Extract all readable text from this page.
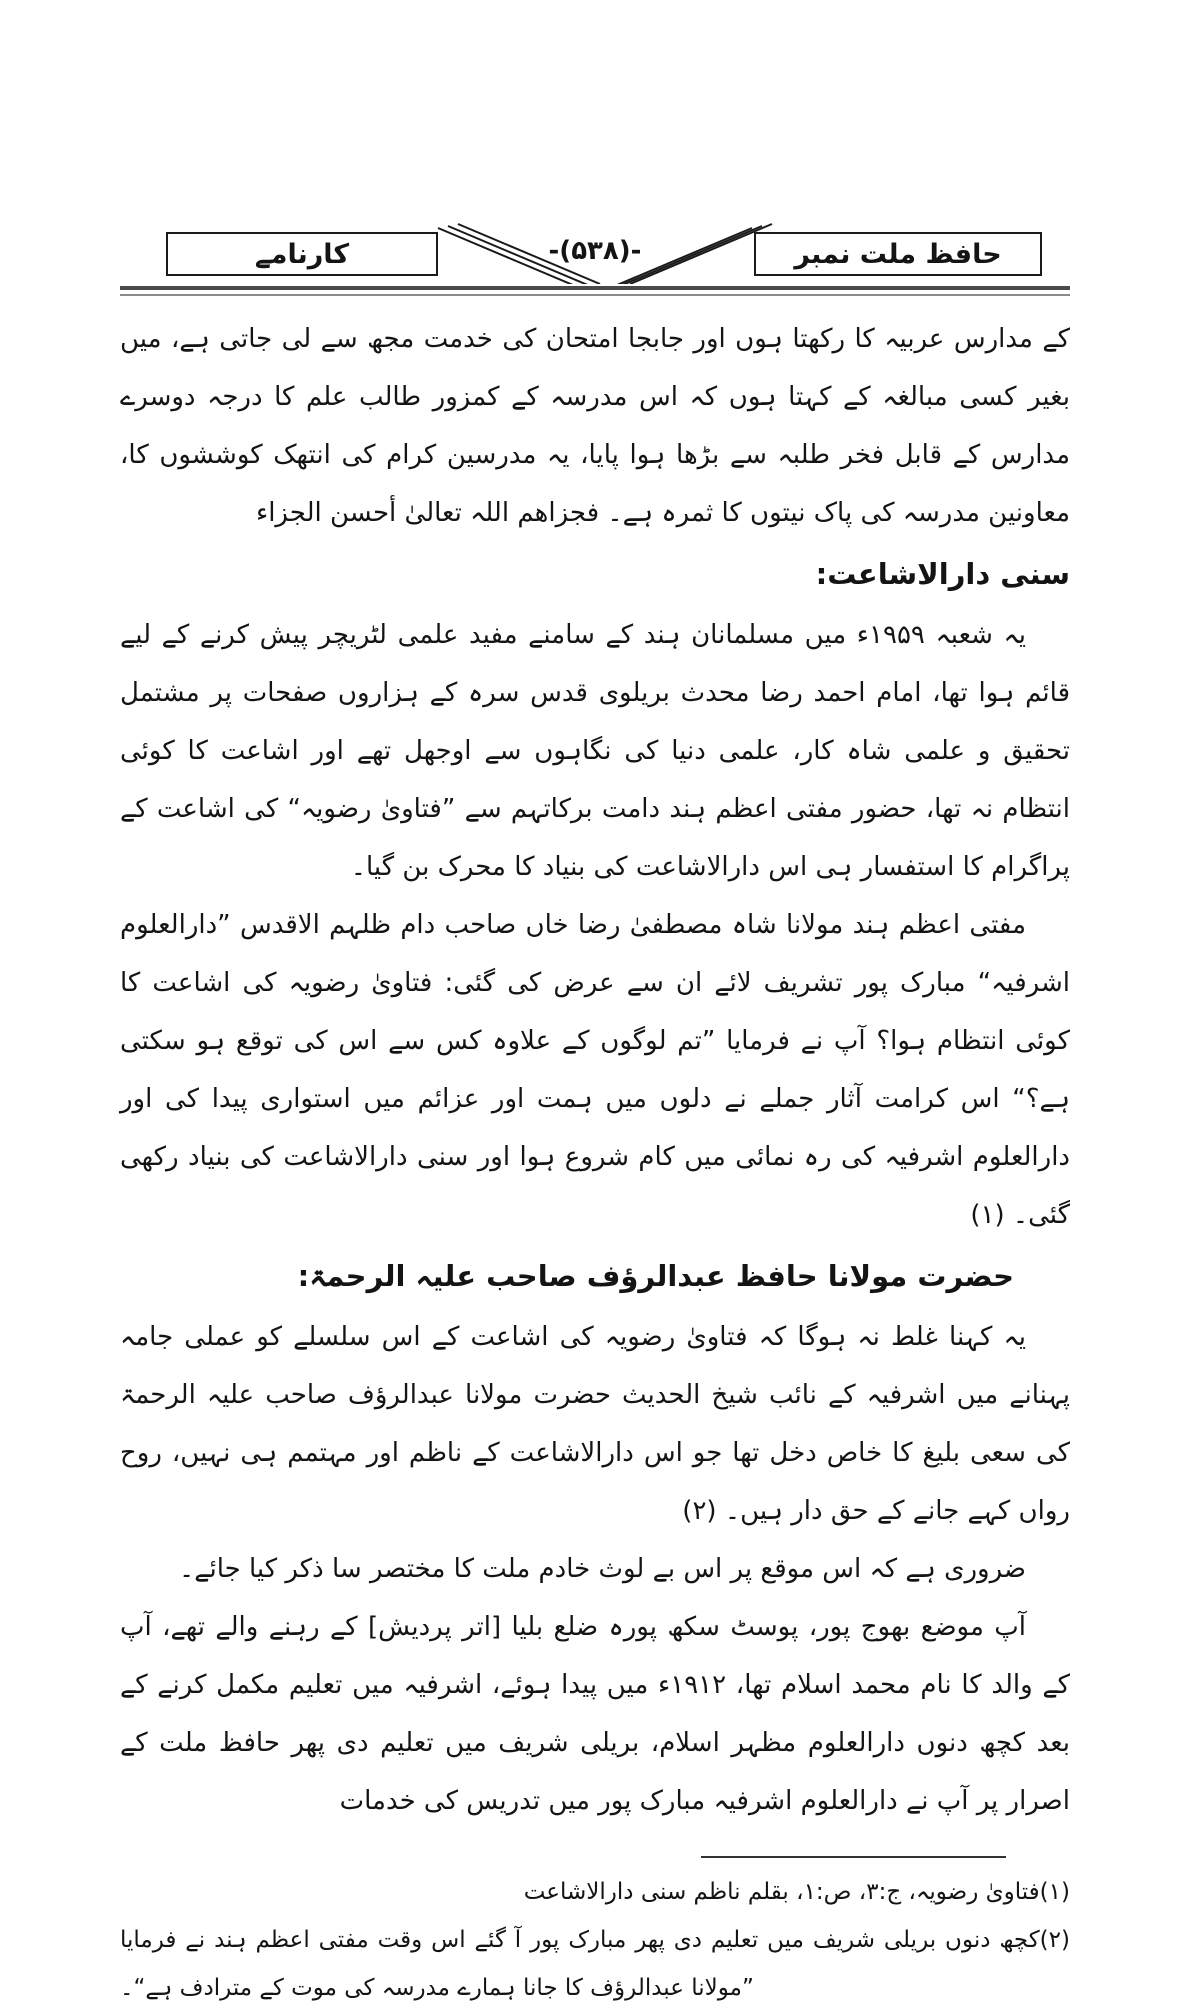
حافظ ملت نمبر
-(۵۳۸)-
کارنامے

کے مدارس عربیہ کا رکھتا ہوں اور جابجا امتحان کی خدمت مجھ سے لی جاتی ہے، میں بغیر کسی مبالغہ کے کہتا ہوں کہ اس مدرسہ کے کمزور طالب علم کا درجہ دوسرے مدارس کے قابل فخر طلبہ سے بڑھا ہوا پایا، یہ مدرسین کرام کی انتھک کوششوں کا، معاونین مدرسہ کی پاک نیتوں کا ثمرہ ہے۔ فجزاھم اللہ تعالیٰ أحسن الجزاء

سنی دارالاشاعت:

یہ شعبہ ۱۹۵۹ء میں مسلمانان ہند کے سامنے مفید علمی لٹریچر پیش کرنے کے لیے قائم ہوا تھا، امام احمد رضا محدث بریلوی قدس سرہ کے ہزاروں صفحات پر مشتمل تحقیق و علمی شاہ کار، علمی دنیا کی نگاہوں سے اوجھل تھے اور اشاعت کا کوئی انتظام نہ تھا، حضور مفتی اعظم ہند دامت برکاتہم سے ”فتاویٰ رضویہ“ کی اشاعت کے پراگرام کا استفسار ہی اس دارالاشاعت کی بنیاد کا محرک بن گیا۔

مفتی اعظم ہند مولانا شاہ مصطفیٰ رضا خاں صاحب دام ظلہم الاقدس ”دارالعلوم اشرفیہ“ مبارک پور تشریف لائے ان سے عرض کی گئی: فتاویٰ رضویہ کی اشاعت کا کوئی انتظام ہوا؟ آپ نے فرمایا ”تم لوگوں کے علاوہ کس سے اس کی توقع ہو سکتی ہے؟“ اس کرامت آثار جملے نے دلوں میں ہمت اور عزائم میں استواری پیدا کی اور دارالعلوم اشرفیہ کی رہ نمائی میں کام شروع ہوا اور سنی دارالاشاعت کی بنیاد رکھی گئی۔ (۱)

حضرت مولانا حافظ عبدالرؤف صاحب علیہ الرحمۃ:

یہ کہنا غلط نہ ہوگا کہ فتاویٰ رضویہ کی اشاعت کے اس سلسلے کو عملی جامہ پہنانے میں اشرفیہ کے نائب شیخ الحدیث حضرت مولانا عبدالرؤف صاحب علیہ الرحمۃ کی سعی بلیغ کا خاص دخل تھا جو اس دارالاشاعت کے ناظم اور مہتمم ہی نہیں، روح رواں کہے جانے کے حق دار ہیں۔ (۲)

ضروری ہے کہ اس موقع پر اس بے لوث خادم ملت کا مختصر سا ذکر کیا جائے۔

آپ موضع بھوج پور، پوسٹ سکھ پورہ ضلع بلیا [اتر پردیش] کے رہنے والے تھے، آپ کے والد کا نام محمد اسلام تھا، ۱۹۱۲ء میں پیدا ہوئے، اشرفیہ میں تعلیم مکمل کرنے کے بعد کچھ دنوں دارالعلوم مظہر اسلام، بریلی شریف میں تعلیم دی پھر حافظ ملت کے اصرار پر آپ نے دارالعلوم اشرفیہ مبارک پور میں تدریس کی خدمات

(۱)فتاویٰ رضویہ، ج:۳، ص:۱، بقلم ناظم سنی دارالاشاعت

(۲)کچھ دنوں بریلی شریف میں تعلیم دی پھر مبارک پور آ گئے اس وقت مفتی اعظم ہند نے فرمایا ”مولانا عبدالرؤف کا جانا ہمارے مدرسہ کی موت کے مترادف ہے“۔
